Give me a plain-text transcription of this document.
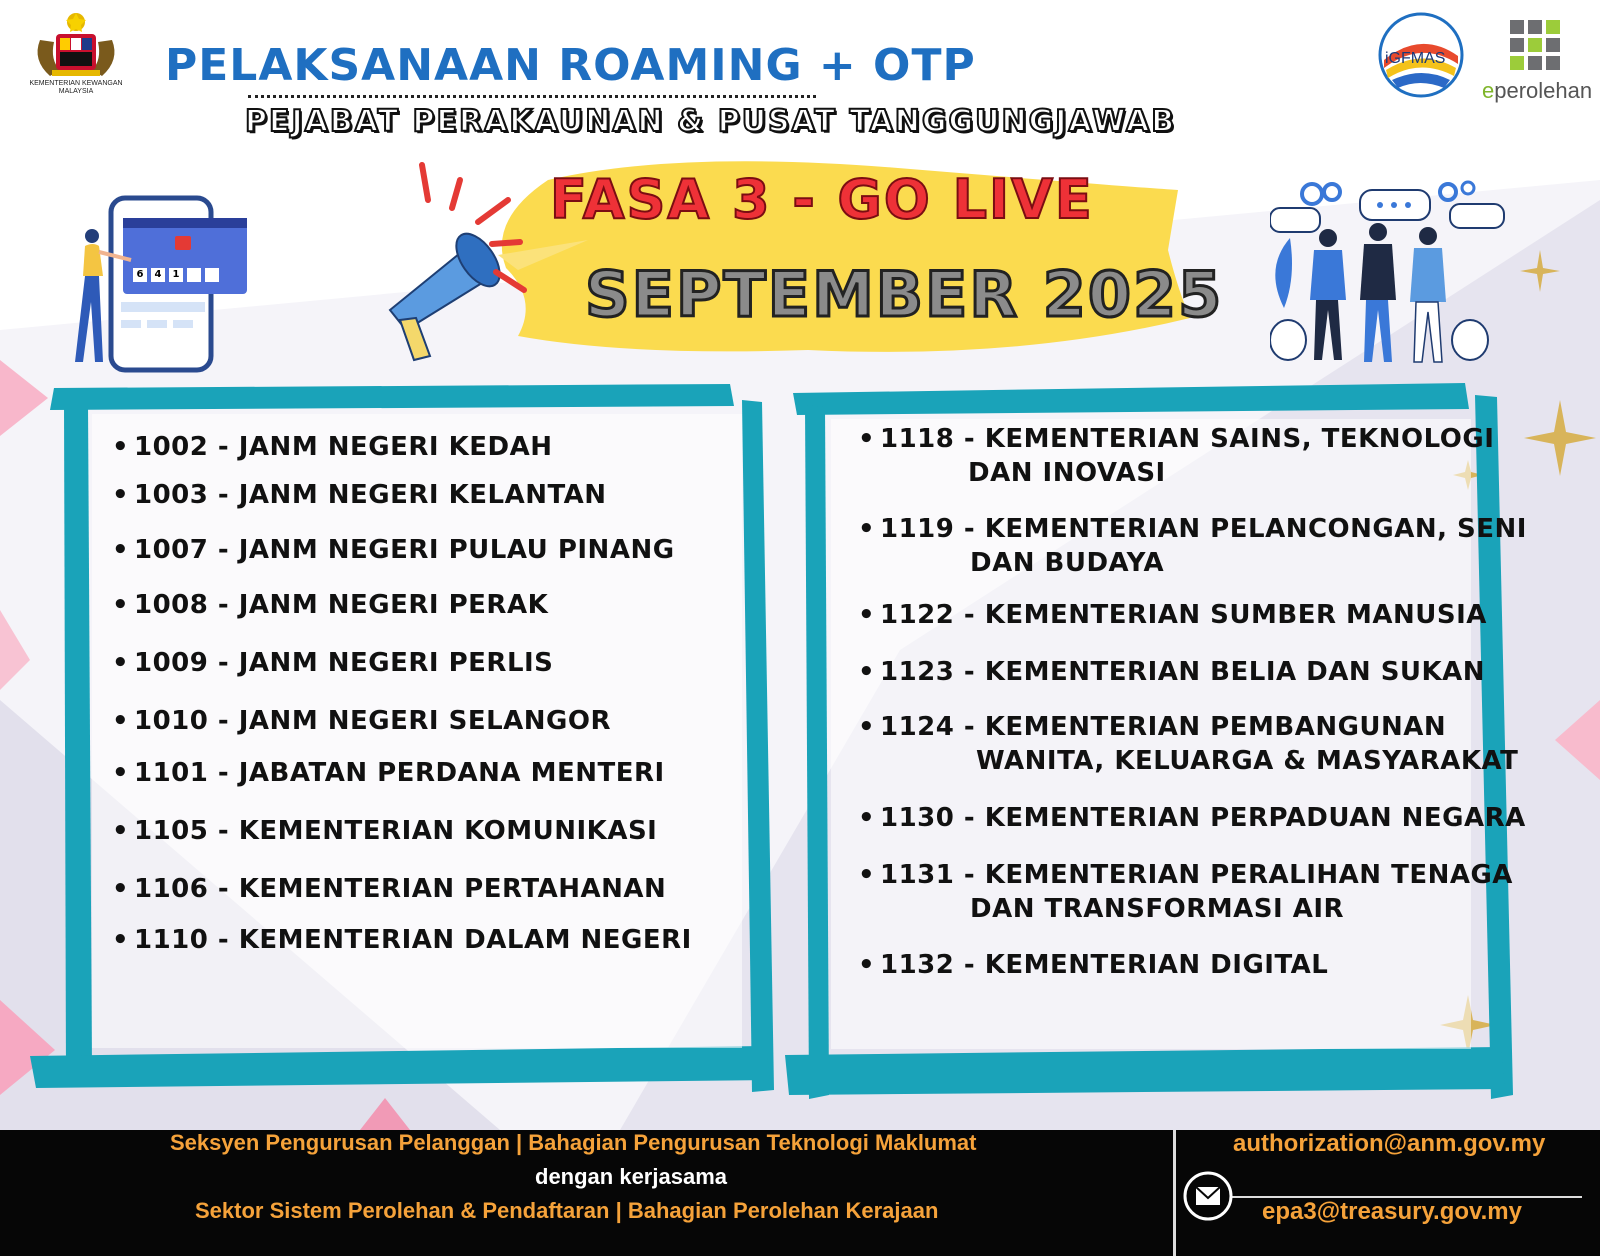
KEMENTERIAN KEWANGAN
MALAYSIA
PELAKSANAAN ROAMING + OTP
PEJABAT PERAKAUNAN & PUSAT TANGGUNGJAWAB
iGFMAS
eperolehan
FASA 3 - GO LIVE
SEPTEMBER 2025
6	4	1
• 1002 - JANM NEGERI KEDAH
• 1003 - JANM NEGERI KELANTAN
• 1007 - JANM NEGERI PULAU PINANG
• 1008 - JANM NEGERI PERAK
• 1009 - JANM NEGERI PERLIS
• 1010 - JANM NEGERI SELANGOR
• 1101 - JABATAN PERDANA MENTERI
• 1105 - KEMENTERIAN KOMUNIKASI
• 1106 - KEMENTERIAN PERTAHANAN
• 1110 - KEMENTERIAN DALAM NEGERI
• 1118 - KEMENTERIAN SAINS, TEKNOLOGI
DAN INOVASI
• 1119 - KEMENTERIAN PELANCONGAN, SENI
DAN BUDAYA
• 1122 - KEMENTERIAN SUMBER MANUSIA
• 1123 - KEMENTERIAN BELIA DAN SUKAN
• 1124 - KEMENTERIAN PEMBANGUNAN
WANITA, KELUARGA & MASYARAKAT
• 1130 - KEMENTERIAN PERPADUAN NEGARA
• 1131 - KEMENTERIAN PERALIHAN TENAGA
DAN TRANSFORMASI AIR
• 1132 - KEMENTERIAN DIGITAL
Seksyen Pengurusan Pelanggan | Bahagian Pengurusan Teknologi Maklumat
dengan kerjasama
Sektor Sistem Perolehan & Pendaftaran | Bahagian Perolehan Kerajaan
authorization@anm.gov.my
epa3@treasury.gov.my
